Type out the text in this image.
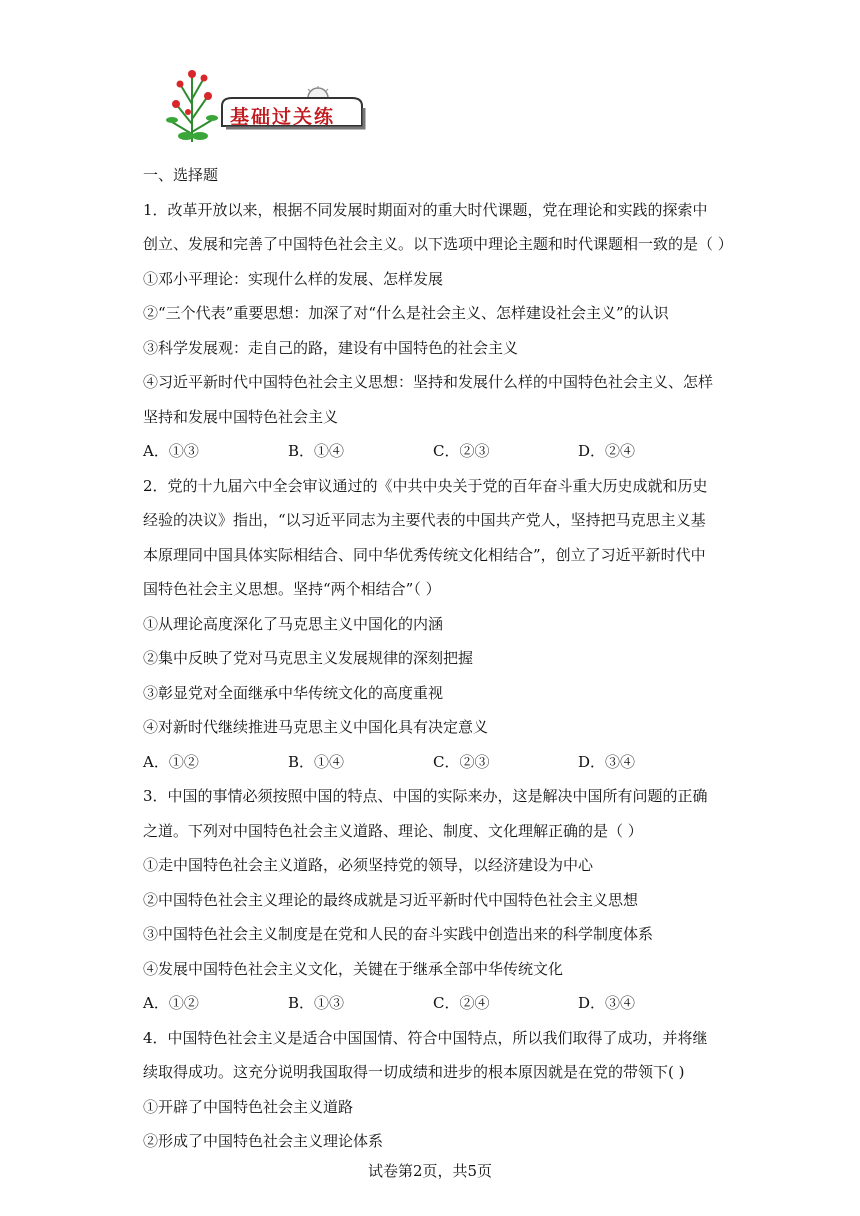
基础过关练
一、选择题
1．改革开放以来，根据不同发展时期面对的重大时代课题，党在理论和实践的探索中
创立、发展和完善了中国特色社会主义。以下选项中理论主题和时代课题相一致的是（ ）
①邓小平理论：实现什么样的发展、怎样发展
②“三个代表”重要思想：加深了对“什么是社会主义、怎样建设社会主义”的认识
③科学发展观：走自己的路，建设有中国特色的社会主义
④习近平新时代中国特色社会主义思想：坚持和发展什么样的中国特色社会主义、怎样
坚持和发展中国特色社会主义
A．①③	B．①④	C．②③	D．②④
2．党的十九届六中全会审议通过的《中共中央关于党的百年奋斗重大历史成就和历史
经验的决议》指出，“以习近平同志为主要代表的中国共产党人，坚持把马克思主义基
本原理同中国具体实际相结合、同中华优秀传统文化相结合”，创立了习近平新时代中
国特色社会主义思想。坚持“两个相结合”（ ）
①从理论高度深化了马克思主义中国化的内涵
②集中反映了党对马克思主义发展规律的深刻把握
③彰显党对全面继承中华传统文化的高度重视
④对新时代继续推进马克思主义中国化具有决定意义
A．①②	B．①④	C．②③	D．③④
3．中国的事情必须按照中国的特点、中国的实际来办，这是解决中国所有问题的正确
之道。下列对中国特色社会主义道路、理论、制度、文化理解正确的是（ ）
①走中国特色社会主义道路，必须坚持党的领导，以经济建设为中心
②中国特色社会主义理论的最终成就是习近平新时代中国特色社会主义思想
③中国特色社会主义制度是在党和人民的奋斗实践中创造出来的科学制度体系
④发展中国特色社会主义文化，关键在于继承全部中华传统文化
A．①②	B．①③	C．②④	D．③④
4．中国特色社会主义是适合中国国情、符合中国特点，所以我们取得了成功，并将继
续取得成功。这充分说明我国取得一切成绩和进步的根本原因就是在党的带领下( )
①开辟了中国特色社会主义道路
②形成了中国特色社会主义理论体系
试卷第2页，共5页
